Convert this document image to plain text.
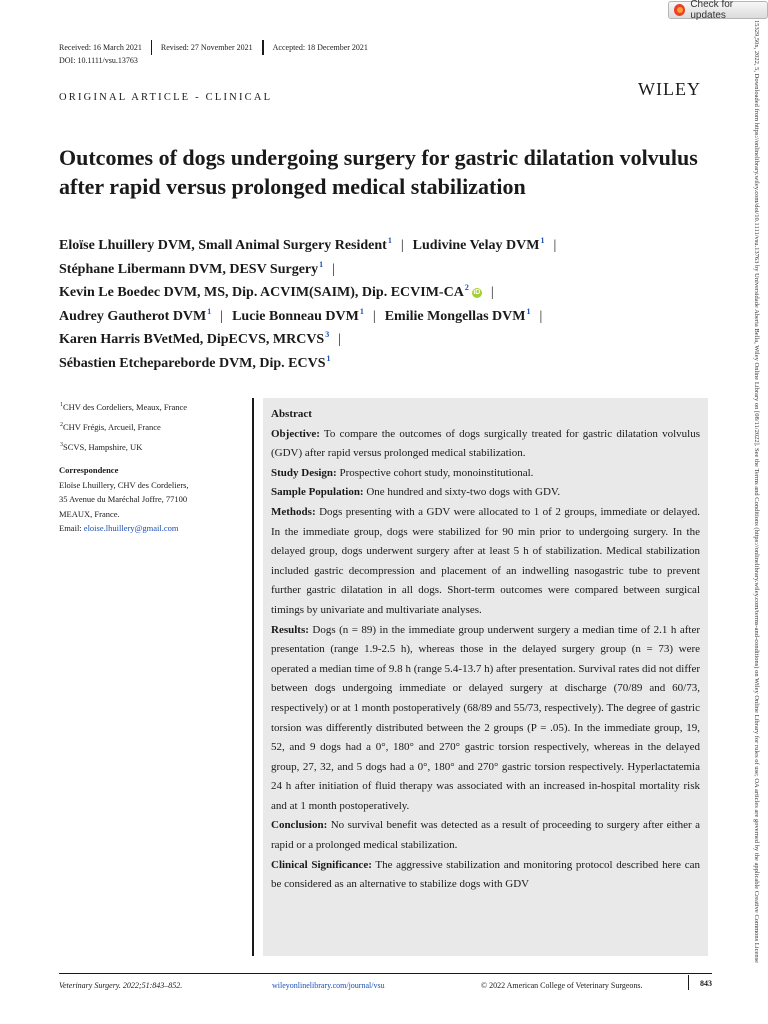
Check for updates
Received: 16 March 2021 Revised: 27 November 2021	Accepted: 18 December 2021
DOI: 10.1111/vsu.13763
ORIGINAL ARTICLE - CLINICAL	WILEY
Outcomes of dogs undergoing surgery for gastric dilatation volvulus after rapid versus prolonged medical stabilization
Eloïse Lhuillery DVM, Small Animal Surgery Resident$^1$ | Ludivine Velay DVM$^1$ |
Stéphane Libermann DVM, DESV Surgery$^1$ |
Kevin Le Boedec DVM, MS, Dip. ACVIM(SAIM), Dip. ECVIM-$CA^2iD$ |
Audrey Gautherot DVM$^1$ | Lucie Bonneau DVM$^1$ | Emilie Mongellas DVM$^1$ |
Karen Harris BVetMed, DipECVS, MRCVS$^3$ |
Sébastien Etchepareborde DVM, Dip. ECVS$^1$
$^1$CHV des Cordeliers, Meaux, France
$^2$CHV Frégis, Arcueil, France
$^3$SCVS, Hampshire, UK
Correspondence
Eloïse Lhuillery, CHV des Cordeliers,
35 Avenue du Maréchal Joffre, 77100
MEAUX, France.
Email: eloise.lhuillery@gmail.com
Abstract
Objective: To compare the outcomes of dogs surgically treated for gastric dilatation volvulus (GDV) after rapid versus prolonged medical stabilization.
Study Design: Prospective cohort study, monoinstitutional.
Sample Population: One hundred and sixty-two dogs with GDV.
Methods: Dogs presenting with a GDV were allocated to 1 of 2 groups, immediate or delayed. In the immediate group, dogs were stabilized for 90 min prior to undergoing surgery. In the delayed group, dogs underwent surgery after at least 5 h of stabilization. Medical stabilization included gastric decompression and placement of an indwelling nasogastric tube to prevent further gastric dilatation in all dogs. Short-term outcomes were compared between surgical timings by univariate and multivariate analyses.
Results: Dogs (n = 89) in the immediate group underwent surgery a median time of 2.1 h after presentation (range 1.9-2.5 h), whereas those in the delayed surgery group (n = 73) were operated a median time of 9.8 h (range 5.4-13.7 h) after presentation. Survival rates did not differ between dogs undergoing immediate or delayed surgery at discharge (70/89 and 60/73, respectively) or at 1 month postoperatively (68/89 and 55/73, respectively). The degree of gastric torsion was differently distributed between the 2 groups (P = .05). In the immediate group, 19, 52, and 9 dogs had a 0°, 180° and 270° gastric torsion respectively, whereas in the delayed group, 27, 32, and 5 dogs had a 0°, 180° and 270° gastric torsion respectively. Hyperlactatemia 24 h after initiation of fluid therapy was associated with an increased in-hospital mortality risk and at 1 month postoperatively.
Conclusion: No survival benefit was detected as a result of proceeding to surgery after either a rapid or a prolonged medical stabilization.
Clinical Significance: The aggressive stabilization and monitoring protocol described here can be considered as an alternative to stabilize dogs with GDV
Veterinary Surgery. 2022;51:843–852.	wileyonlinelibrary.com/journal/vsu	© 2022 American College of Veterinary Surgeons.	843
15329,50x, 2022, 5, Downloaded from https://onlinelibrary.wiley.com/doi/10.1111/vsu.13763 by Universidade Aberta Bella, Wiley Online Library on [08/11/2022]. See the Terms and Conditions (https://onlinelibrary.wiley.com/terms-and-conditions) on Wiley Online Library for rules of use; OA articles are governed by the applicable Creative Commons License
